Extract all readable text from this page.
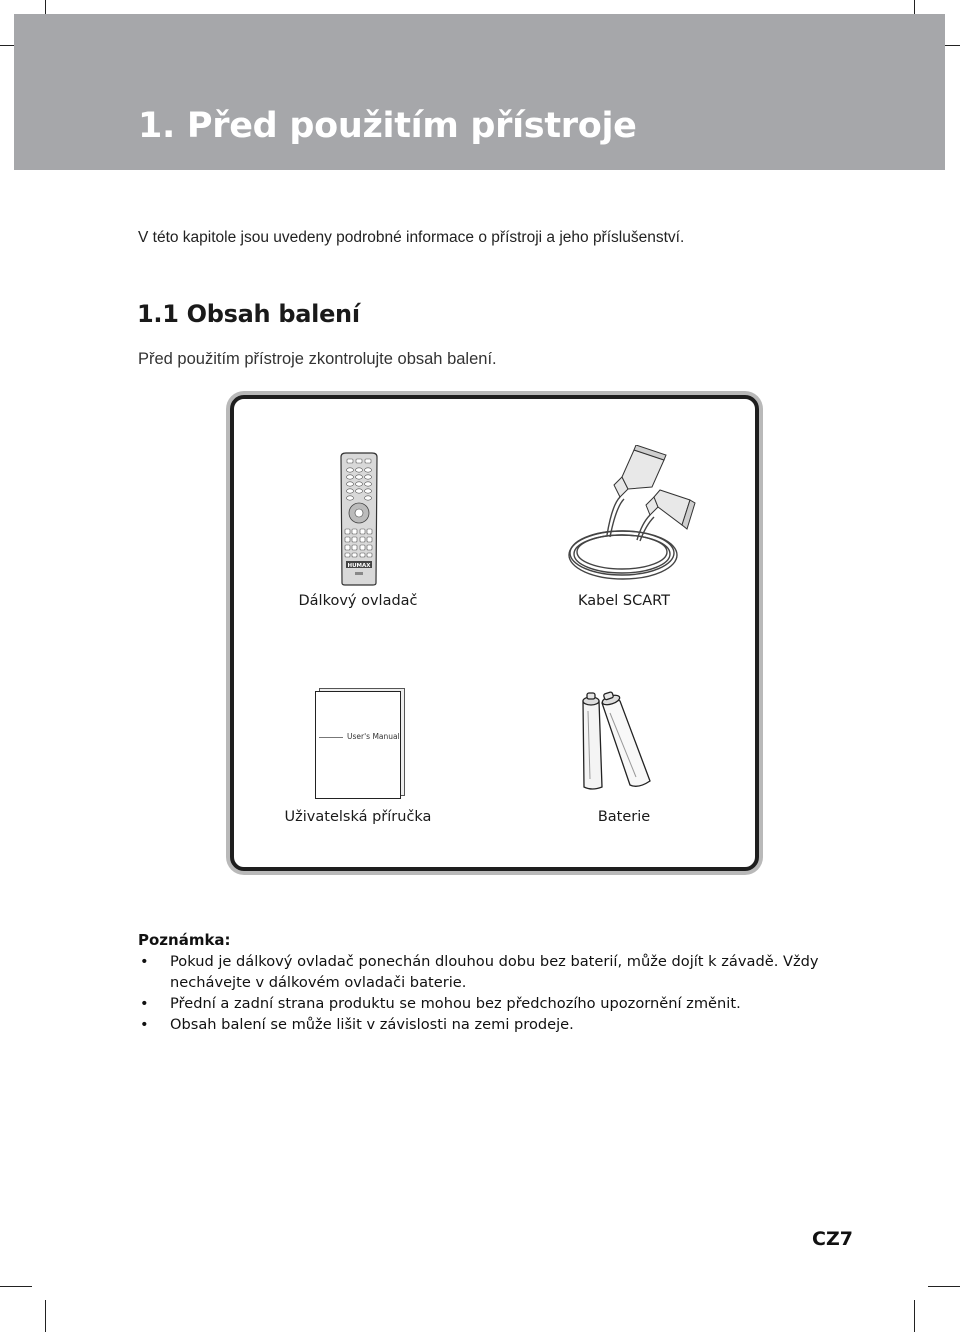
1. Před použitím přístroje

V této kapitole jsou uvedeny podrobné informace o přístroji a jeho příslušenství.

1.1 Obsah balení

Před použitím přístroje zkontrolujte obsah balení.

HUMAX

Dálkový ovladač	Kabel SCART

User's Manual

Uživatelská příručka	Baterie

Poznámka:

• Pokud je dálkový ovladač ponechán dlouhou dobu bez baterií, může dojít k závadě. Vždy nechávejte v dálkovém ovladači baterie.
• Přední a zadní strana produktu se mohou bez předchozího upozornění změnit.
• Obsah balení se může lišit v závislosti na zemi prodeje.

CZ7
